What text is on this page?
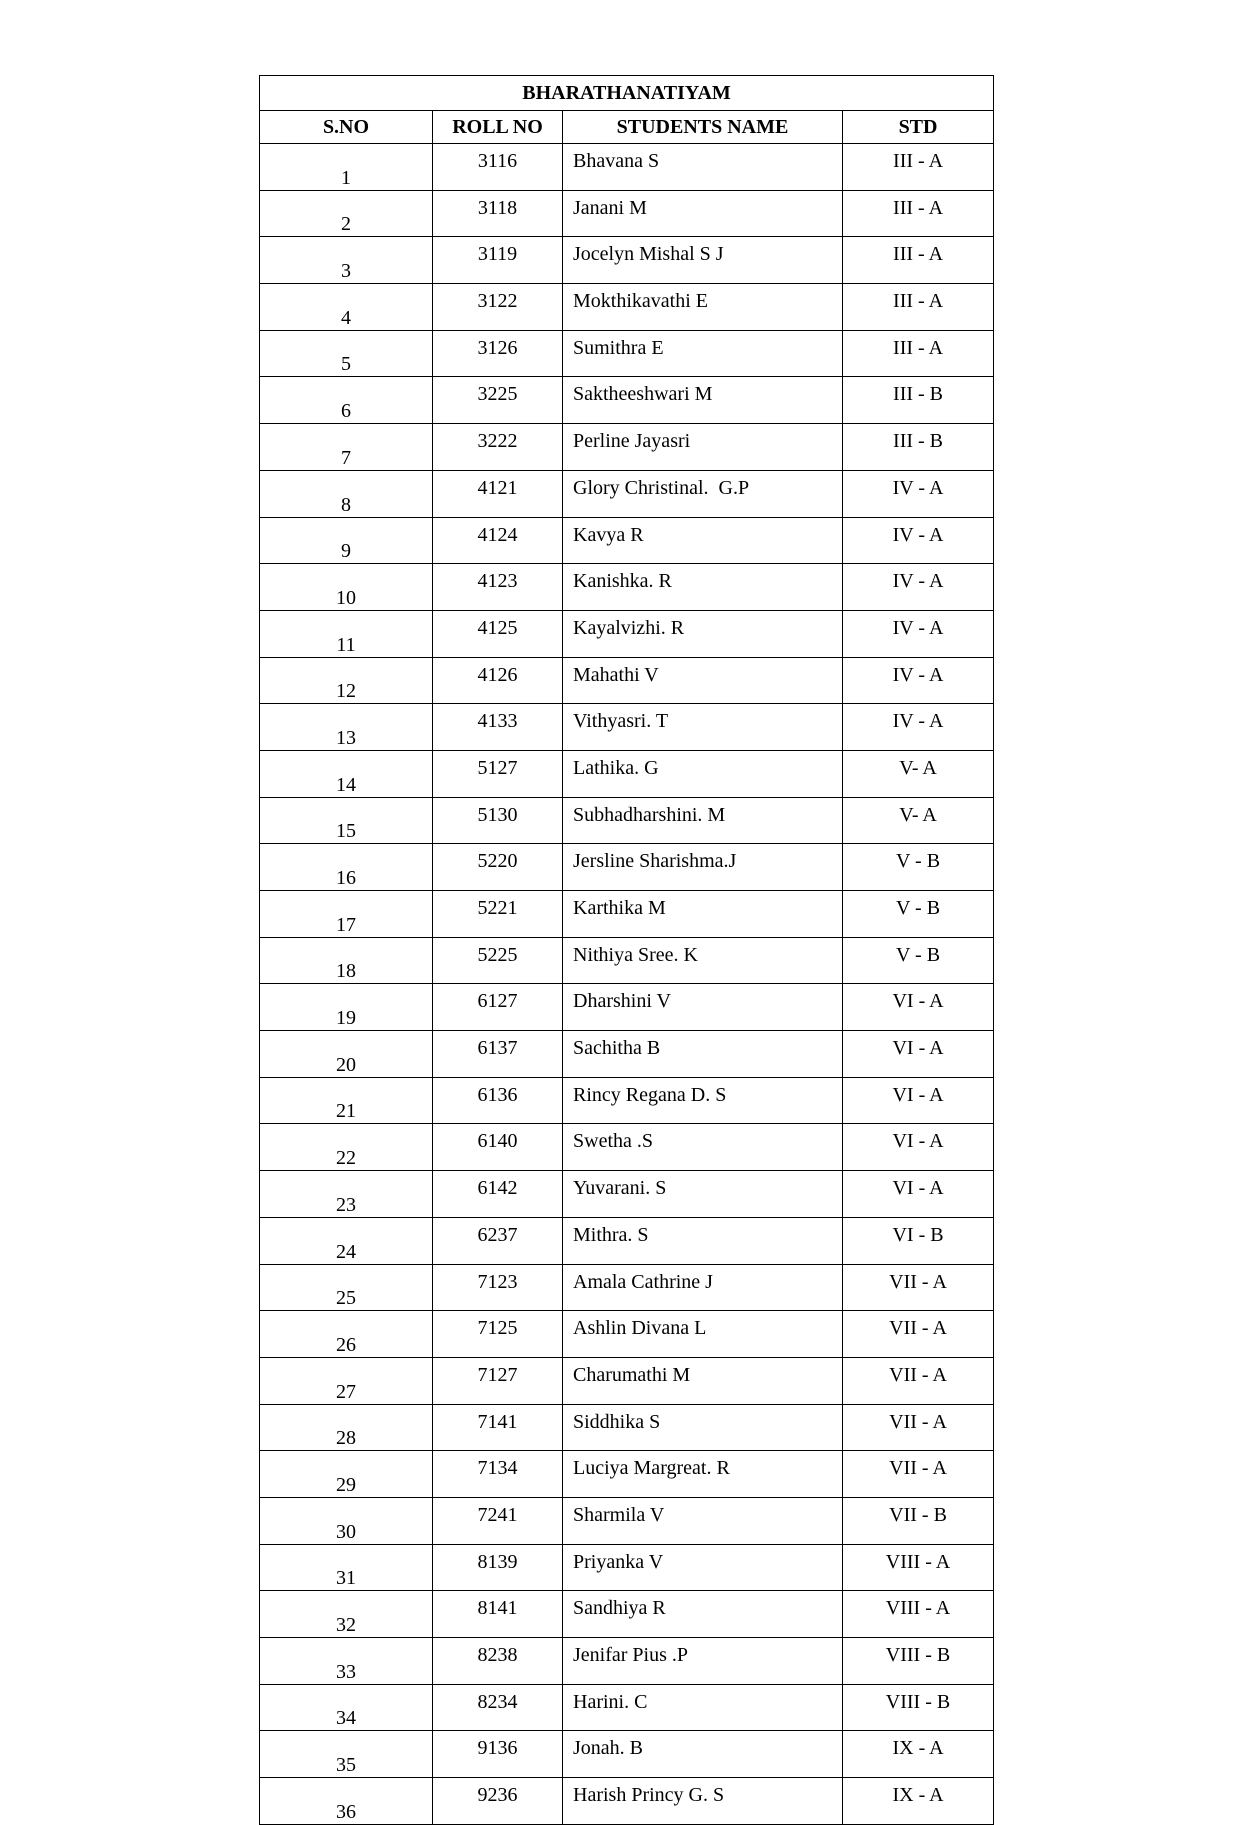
BHARATHANATIYAM			
S.NO	ROLL NO	STUDENTS NAME	STD
1	3116	Bhavana S	III - A
2	3118	Janani M	III - A
3	3119	Jocelyn Mishal S J	III - A
4	3122	Mokthikavathi E	III - A
5	3126	Sumithra E	III - A
6	3225	Saktheeshwari M	III - B
7	3222	Perline Jayasri	III - B
8	4121	Glory Christinal.  G.P	IV - A
9	4124	Kavya R	IV - A
10	4123	Kanishka. R	IV - A
11	4125	Kayalvizhi. R	IV - A
12	4126	Mahathi V	IV - A
13	4133	Vithyasri. T	IV - A
14	5127	Lathika. G	V- A
15	5130	Subhadharshini. M	V- A
16	5220	Jersline Sharishma.J	V - B
17	5221	Karthika M	V - B
18	5225	Nithiya Sree. K	V - B
19	6127	Dharshini V	VI - A
20	6137	Sachitha B	VI - A
21	6136	Rincy Regana D. S	VI - A
22	6140	Swetha .S	VI - A
23	6142	Yuvarani. S	VI - A
24	6237	Mithra. S	VI - B
25	7123	Amala Cathrine J	VII - A
26	7125	Ashlin Divana L	VII - A
27	7127	Charumathi M	VII - A
28	7141	Siddhika S	VII - A
29	7134	Luciya Margreat. R	VII - A
30	7241	Sharmila V	VII - B
31	8139	Priyanka V	VIII - A
32	8141	Sandhiya R	VIII - A
33	8238	Jenifar Pius .P	VIII - B
34	8234	Harini. C	VIII - B
35	9136	Jonah. B	IX - A
36	9236	Harish Princy G. S	IX - A
